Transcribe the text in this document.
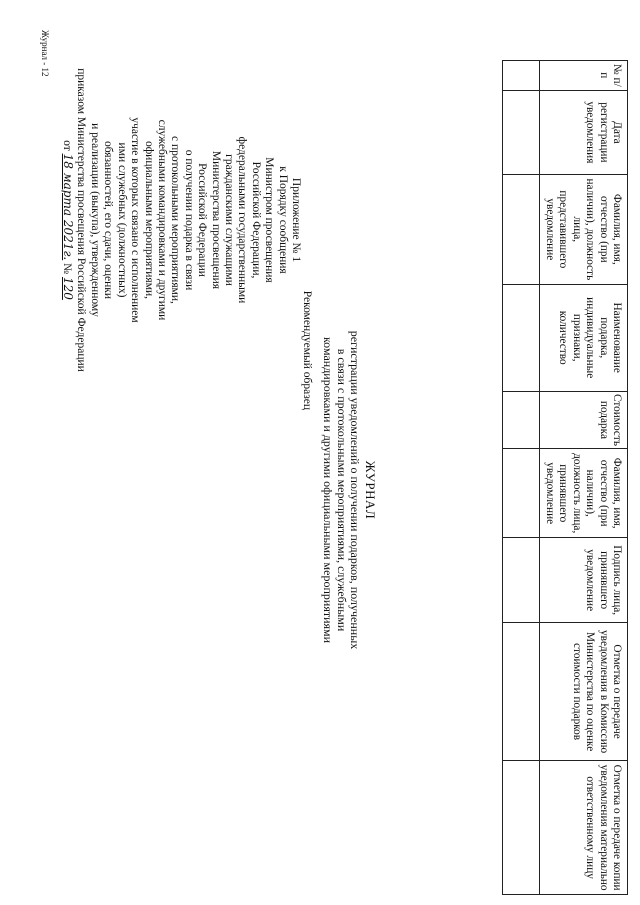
Приложение № 1
к Порядку сообщения
Министром просвещения
Российской Федерации,
федеральными государственными
гражданскими служащими
Министерства просвещения
Российской Федерации
о получении подарка в связи
с протокольными мероприятиями,
служебными командировками и другими
официальными мероприятиями,
участие в которых связано с исполнением
ими служебных (должностных)
обязанностей, его сдачи, оценки
и реализации (выкупа), утвержденному
приказом Министерства просвещения Российской Федерации
от 18 марта 2021г. № 120
Рекомендуемый образец
ЖУРНАЛ
регистрации уведомлений о получении подарков, полученных
в связи с протокольными мероприятиями, служебными
командировками и другими официальными мероприятиями
№ п/п	Дата регистрации уведомления	Фамилия, имя, отчество (при наличии), должность лица, представившего уведомление	Наименование подарка, индивидуальные признаки, количество	Стоимость подарка	Фамилия, имя, отчество (при наличии), должность лица, принявшего уведомление	Подпись лица, принявшего уведомление	Отметка о передаче уведомления в Комиссию Министерства по оценке стоимости подарков	Отметка о передаче копии уведомления материально ответственному лицу

Журнал - 12
